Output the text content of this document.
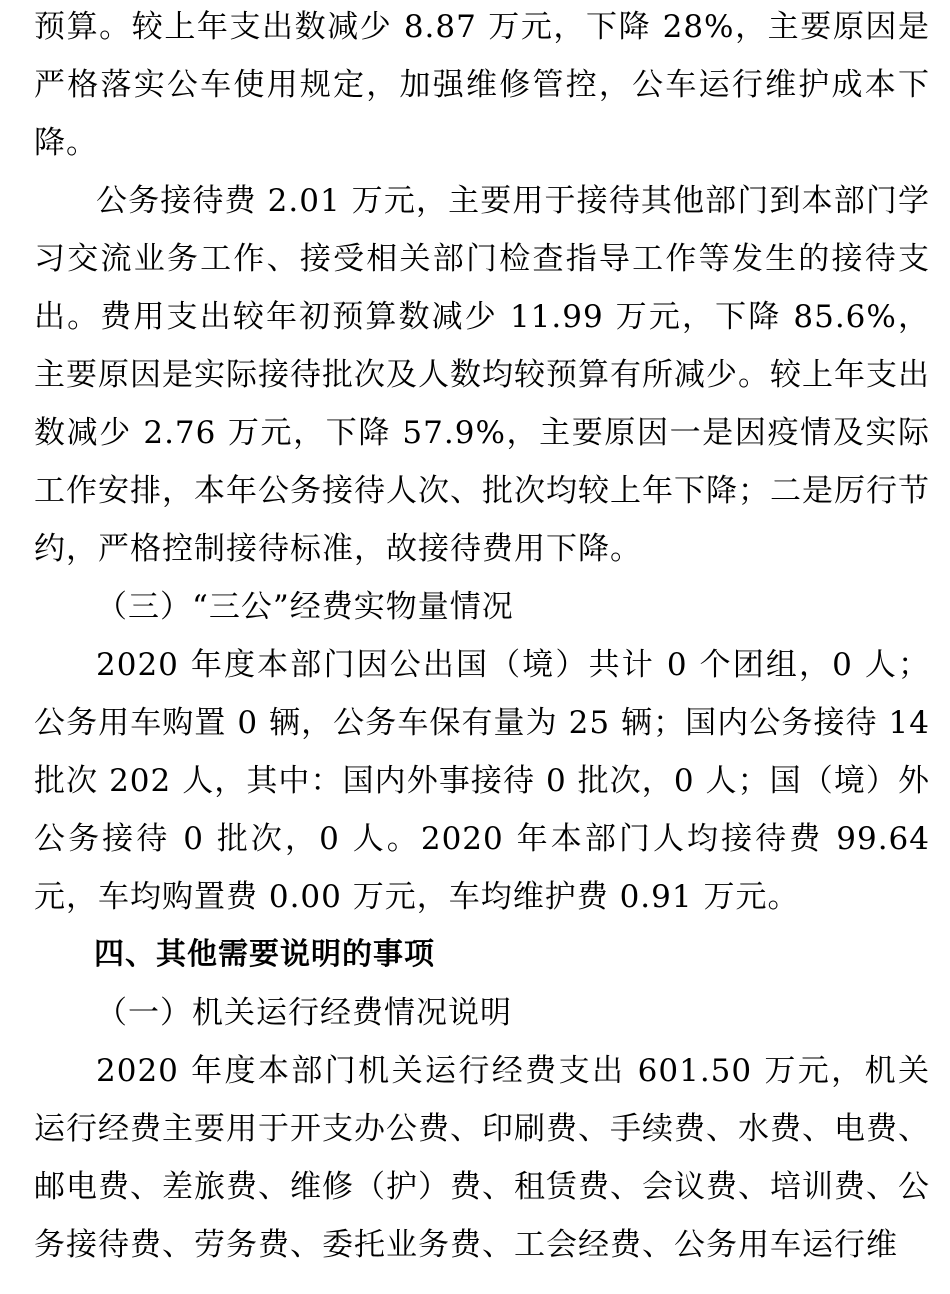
预算。较上年支出数减少 8.87 万元，下降 28%，主要原因是严格落实公车使用规定，加强维修管控，公车运行维护成本下降。

公务接待费 2.01 万元，主要用于接待其他部门到本部门学习交流业务工作、接受相关部门检查指导工作等发生的接待支出。费用支出较年初预算数减少 11.99 万元，下降 85.6%，主要原因是实际接待批次及人数均较预算有所减少。较上年支出数减少 2.76 万元，下降 57.9%，主要原因一是因疫情及实际工作安排，本年公务接待人次、批次均较上年下降；二是厉行节约，严格控制接待标准，故接待费用下降。

（三）“三公”经费实物量情况

2020 年度本部门因公出国（境）共计 0 个团组，0 人；公务用车购置 0 辆，公务车保有量为 25 辆；国内公务接待 14 批次 202 人，其中：国内外事接待 0 批次，0 人；国（境）外公务接待 0 批次，0 人。2020 年本部门人均接待费 99.64 元，车均购置费 0.00 万元，车均维护费 0.91 万元。

四、其他需要说明的事项

（一）机关运行经费情况说明

2020 年度本部门机关运行经费支出 601.50 万元，机关运行经费主要用于开支办公费、印刷费、手续费、水费、电费、邮电费、差旅费、维修（护）费、租赁费、会议费、培训费、公务接待费、劳务费、委托业务费、工会经费、公务用车运行维
